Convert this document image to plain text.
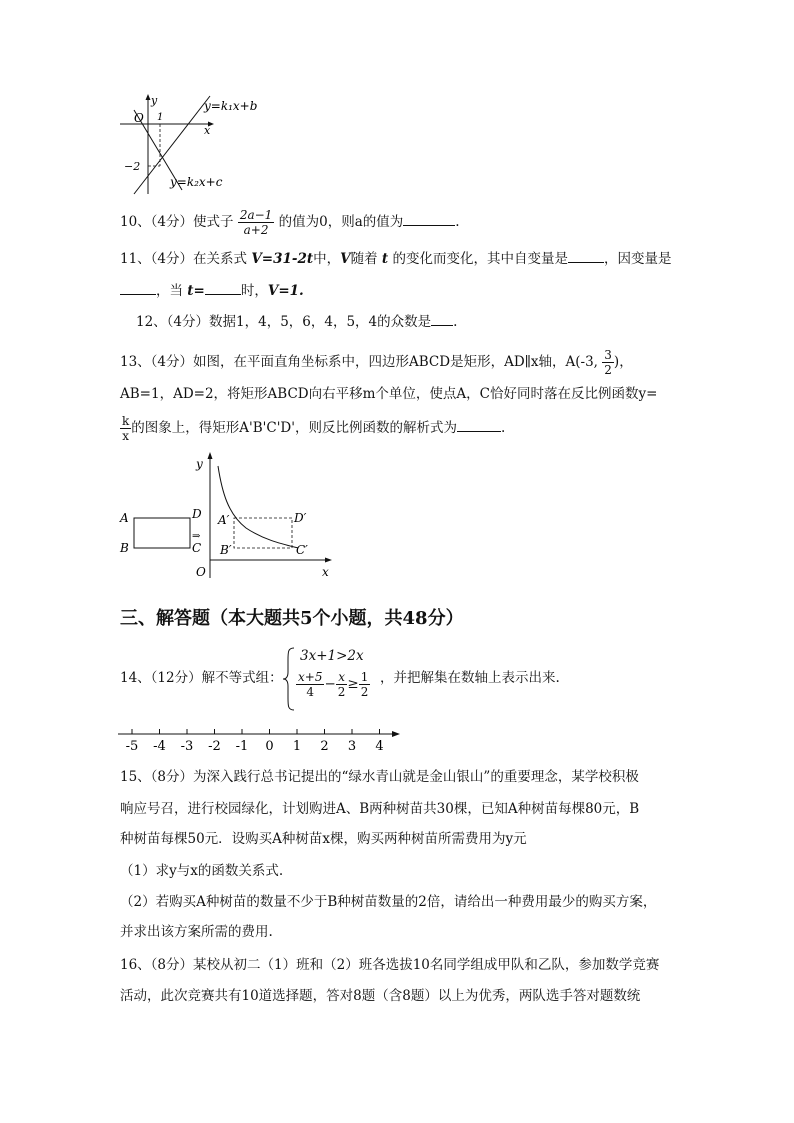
y
x
O 1
−2
y=k₁x+b
y=k₂x+c
10、（4分）使式子 $\frac{2a-1}{a+2}$ 的值为0，则a的值为	.
11、（4分）在关系式 V=31-2t中，V随着 t 的变化而变化，其中自变量是	，因变量是
，当 t=	时，V=1.
12、（4分）数据1，4，5，6，4，5，4的众数是 .
13、（4分）如图，在平面直角坐标系中，四边形ABCD是矩形，AD∥x轴，A(-3, $\frac{3}{2}$ )，
AB=1，AD=2，将矩形ABCD向右平移m个单位，使点A，C恰好同时落在反比例函数y=
$\frac{k}{x}$ 的图象上，得矩形A'B'C'D'，则反比例函数的解析式为	.
A
B	C
D
⇒
A′
B′	C′
D′
O
y
x
三、解答题（本大题共5个小题，共48分）
14、（12分）解不等式组：
3x+1>2x
$\frac{x+5}{4} - \frac{x}{2} \ge \frac{1}{2}$ ，并把解集在数轴上表示出来.
-5 -4 -3 -2 -1 0 1 2 3 4
15、（8分）为深入践行总书记提出的“绿水青山就是金山银山”的重要理念，某学校积极
响应号召，进行校园绿化，计划购进A、B两种树苗共30棵，已知A种树苗每棵80元，B
种树苗每棵50元．设购买A种树苗x棵，购买两种树苗所需费用为y元
（1）求y与x的函数关系式.
（2）若购买A种树苗的数量不少于B种树苗数量的2倍，请给出一种费用最少的购买方案，
并求出该方案所需的费用.
16、（8分）某校从初二（1）班和（2）班各选拔10名同学组成甲队和乙队，参加数学竞赛
活动，此次竞赛共有10道选择题，答对8题（含8题）以上为优秀，两队选手答对题数统
